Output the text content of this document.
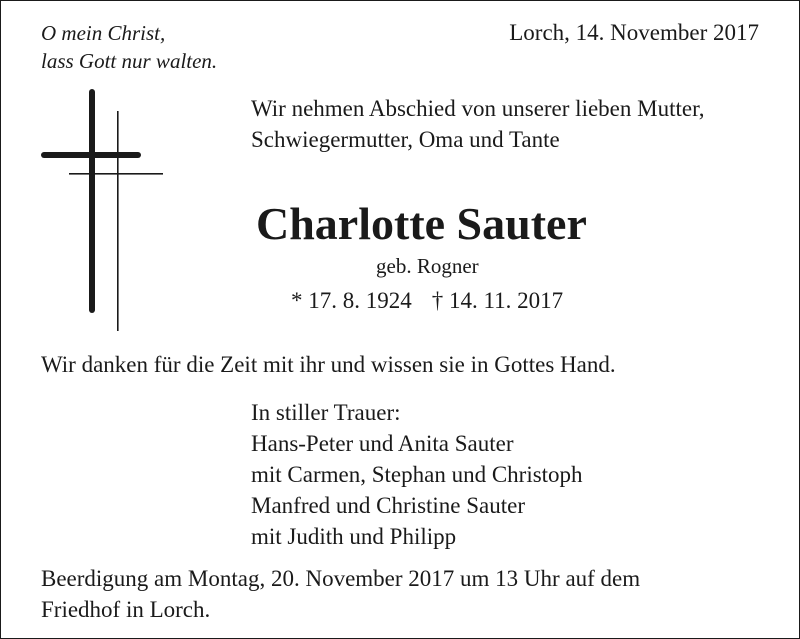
O mein Christ,
lass Gott nur walten.
Lorch, 14. November 2017
Wir nehmen Abschied von unserer lieben Mutter,
Schwiegermutter, Oma und Tante
Charlotte Sauter
geb. Rogner
* 17. 8. 1924 † 14. 11. 2017
Wir danken für die Zeit mit ihr und wissen sie in Gottes Hand.
In stiller Trauer:
Hans-Peter und Anita Sauter
mit Carmen, Stephan und Christoph
Manfred und Christine Sauter
mit Judith und Philipp
Beerdigung am Montag, 20. November 2017 um 13 Uhr auf dem
Friedhof in Lorch.
